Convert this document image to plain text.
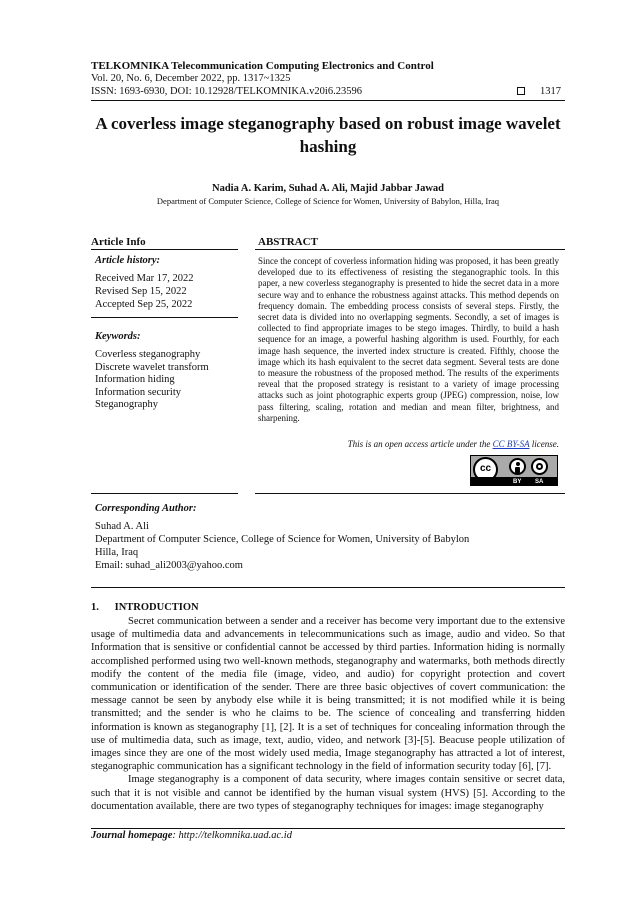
TELKOMNIKA Telecommunication Computing Electronics and Control
Vol. 20, No. 6, December 2022, pp. 1317~1325
ISSN: 1693-6930, DOI: 10.12928/TELKOMNIKA.v20i6.23596	1317
A coverless image steganography based on robust image wavelet hashing
Nadia A. Karim, Suhad A. Ali, Majid Jabbar Jawad
Department of Computer Science, College of Science for Women, University of Babylon, Hilla, Iraq
Article Info
Article history:
Received Mar 17, 2022
Revised Sep 15, 2022
Accepted Sep 25, 2022
Keywords:
Coverless steganography
Discrete wavelet transform
Information hiding
Information security
Steganography
ABSTRACT
Since the concept of coverless information hiding was proposed, it has been greatly developed due to its effectiveness of resisting the steganographic tools. In this paper, a new coverless steganography is presented to hide the secret data in a more secure way and to enhance the robustness against attacks. This method depends on frequency domain. The embedding process consists of several steps. Firstly, the secret data is divided into no overlapping segments. Secondly, a set of images is collected to find appropriate images to be stego images. Thirdly, to build a hash sequence for an image, a powerful hashing algorithm is used. Fourthly, for each image hash sequence, the inverted index structure is created. Fifthly, choose the image which its hash equivalent to the secret data segment. Several tests are done to measure the robustness of the proposed method. The results of the experiments reveal that the proposed strategy is resistant to a variety of image processing attacks such as joint photographic experts group (JPEG) compression, noise, low pass filtering, scaling, rotation and median and mean filter, brightness, and sharpening.
This is an open access article under the CC BY-SA license.
cc
BY SA
Corresponding Author:
Suhad A. Ali
Department of Computer Science, College of Science for Women, University of Babylon
Hilla, Iraq
Email: suhad_ali2003@yahoo.com
1.      INTRODUCTION

Secret communication between a sender and a receiver has become very important due to the extensive usage of multimedia data and advancements in telecommunications such as image, audio and video. So that Information that is sensitive or confidential cannot be accessed by third parties. Information hiding is normally accomplished performed using two well-known methods, steganography and watermarks, both methods directly modify the content of the media file (image, video, and audio) for copyright protection and covert communication or identification of the sender. There are three basic objectives of covert communication: the message cannot be seen by anybody else while it is being transmitted; it is not modified while it is being transmitted; and the sender is who he claims to be. The science of concealing and transferring hidden information is known as steganography [1], [2]. It is a set of techniques for concealing information through the use of multimedia data, such as image, text, audio, video, and network [3]-[5]. Beacuse people utilization of images since they are one of the most widely used media, Image steganography has attracted a lot of interest, steganographic communication has a significant technology in the field of information security today [6], [7].

Image steganography is a component of data security, where images contain sensitive or secret data, such that it is not visible and cannot be identified by the human visual system (HVS) [5]. According to the documentation available, there are two types of steganography techniques for images: image steganography

Journal homepage: http://telkomnika.uad.ac.id
